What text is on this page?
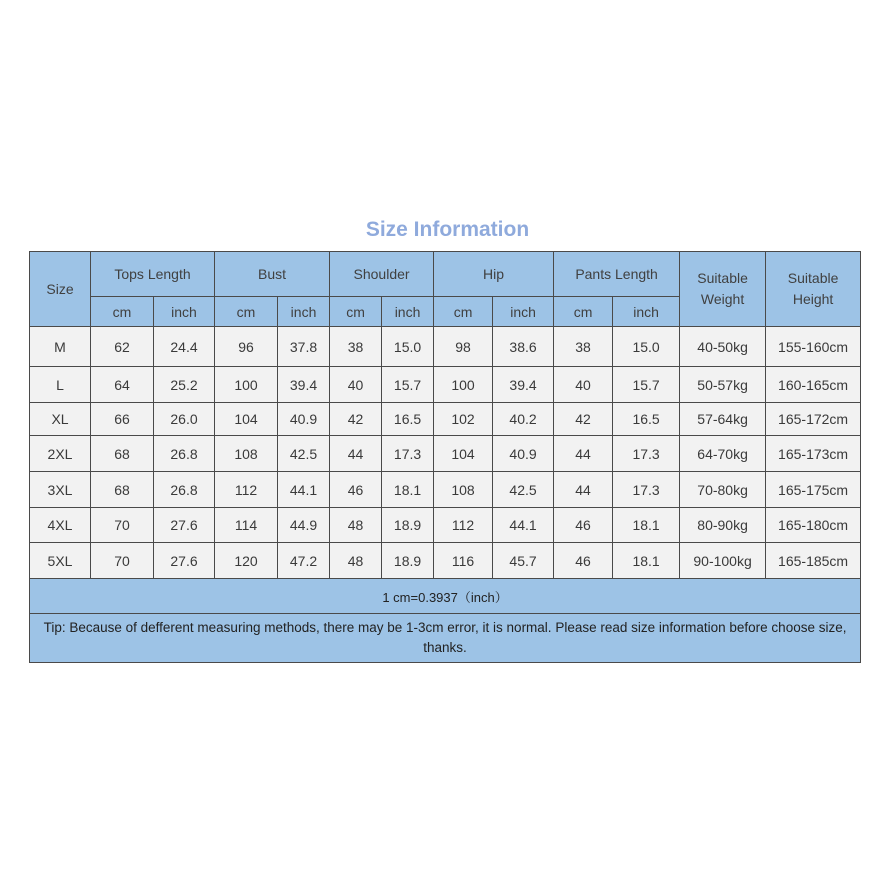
Size Information
Size	Tops Length		Bust		Shoulder		Hip		Pants Length		Suitable Weight	Suitable Height
	cm	inch	cm	inch	cm	inch	cm	inch	cm	inch		
M	62	24.4	96	37.8	38	15.0	98	38.6	38	15.0	40-50kg	155-160cm
L	64	25.2	100	39.4	40	15.7	100	39.4	40	15.7	50-57kg	160-165cm
XL	66	26.0	104	40.9	42	16.5	102	40.2	42	16.5	57-64kg	165-172cm
2XL	68	26.8	108	42.5	44	17.3	104	40.9	44	17.3	64-70kg	165-173cm
3XL	68	26.8	112	44.1	46	18.1	108	42.5	44	17.3	70-80kg	165-175cm
4XL	70	27.6	114	44.9	48	18.9	112	44.1	46	18.1	80-90kg	165-180cm
5XL	70	27.6	120	47.2	48	18.9	116	45.7	46	18.1	90-100kg	165-185cm
1 cm=0.3937（inch）												
Tip: Because of defferent measuring methods, there may be 1-3cm error, it is normal. Please read size information before choose size, thanks.												
